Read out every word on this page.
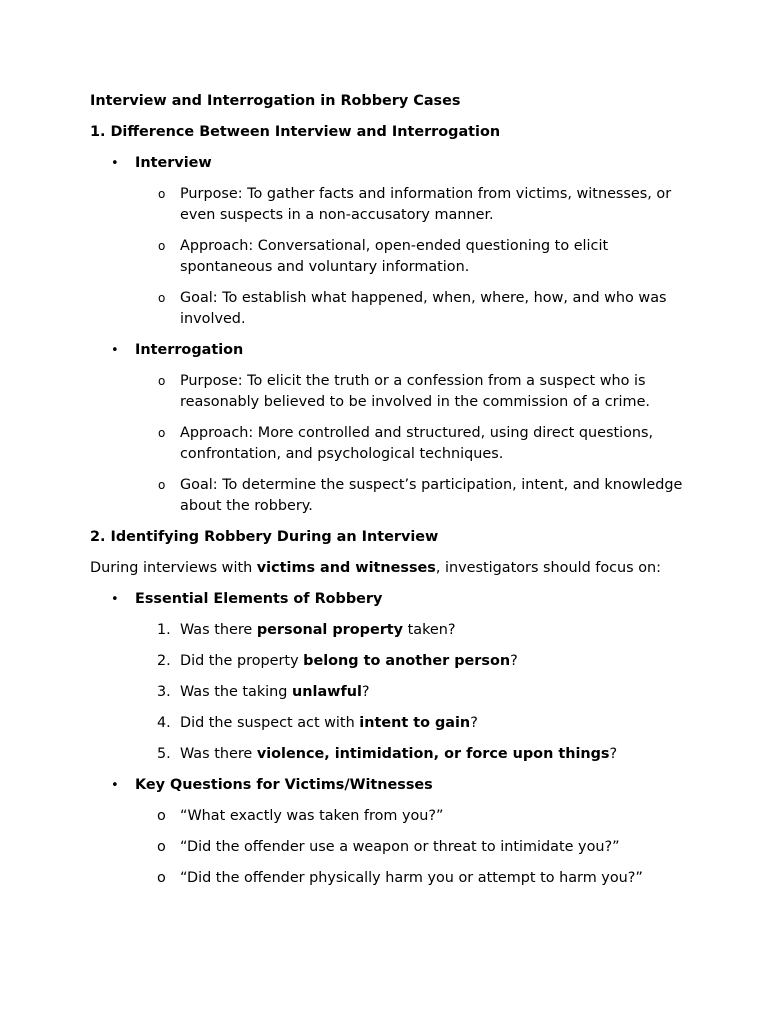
Interview and Interrogation in Robbery Cases
1. Difference Between Interview and Interrogation
• Interview
o Purpose: To gather facts and information from victims, witnesses, or even suspects in a non-accusatory manner.
o Approach: Conversational, open-ended questioning to elicit spontaneous and voluntary information.
o Goal: To establish what happened, when, where, how, and who was involved.
• Interrogation
o Purpose: To elicit the truth or a confession from a suspect who is reasonably believed to be involved in the commission of a crime.
o Approach: More controlled and structured, using direct questions, confrontation, and psychological techniques.
o Goal: To determine the suspect’s participation, intent, and knowledge about the robbery.
2. Identifying Robbery During an Interview

During interviews with victims and witnesses, investigators should focus on:

• Essential Elements of Robbery
1. Was there personal property taken?
2. Did the property belong to another person?
3. Was the taking unlawful?
4. Did the suspect act with intent to gain?
5. Was there violence, intimidation, or force upon things?
• Key Questions for Victims/Witnesses
o “What exactly was taken from you?”
o “Did the offender use a weapon or threat to intimidate you?”
o “Did the offender physically harm you or attempt to harm you?”
